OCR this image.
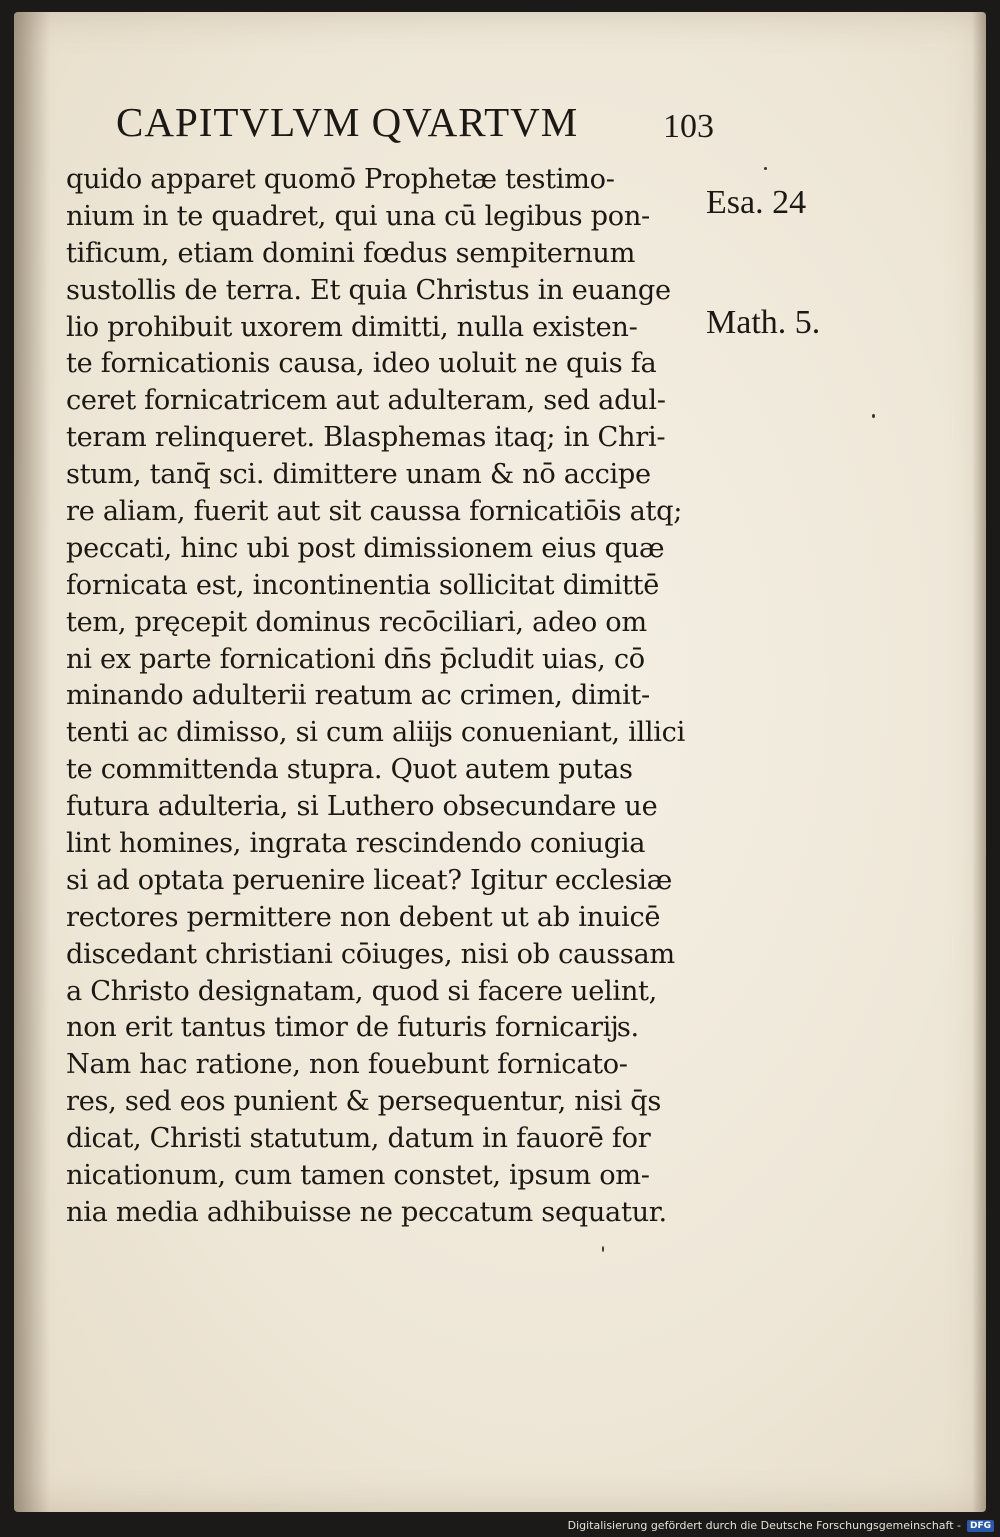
CAPITVLVM QVARTVM 103
quido apparet quomō Prophetæ testimo-
nium in te quadret, qui una cū legibus pon-
tificum, etiam domini fœdus sempiternum
sustollis de terra. Et quia Christus in euange
lio prohibuit uxorem dimitti, nulla existen-
te fornicationis causa, ideo uoluit ne quis fa
ceret fornicatricem aut adulteram, sed adul-
teram relinqueret. Blasphemas itaq; in Chri-
stum, tanq̄ sci. dimittere unam & nō accipe
re aliam, fuerit aut sit caussa fornicatiōis atq;
peccati, hinc ubi post dimissionem eius quæ
fornicata est, incontinentia sollicitat dimittē
tem, pręcepit dominus recōciliari, adeo om
ni ex parte fornicationi dn̄s p̄cludit uias, cō
minando adulterii reatum ac crimen, dimit-
tenti ac dimisso, si cum aliĳs conueniant, illici
te committenda stupra. Quot autem putas
futura adulteria, si Luthero obsecundare ue
lint homines, ingrata rescindendo coniugia
si ad optata peruenire liceat? Igitur ecclesiæ
rectores permittere non debent ut ab inuicē
discedant christiani cōiuges, nisi ob caussam
a Christo designatam, quod si facere uelint,
non erit tantus timor de futuris fornicarĳs.
Nam hac ratione, non fouebunt fornicato-
res, sed eos punient & persequentur, nisi q̄s
dicat, Christi statutum, datum in fauorē for
nicationum, cum tamen constet, ipsum om-
nia media adhibuisse ne peccatum sequatur.
Esa. 24
Math. 5.
Digitalisierung gefördert durch die Deutsche Forschungsgemeinschaft -	DFG
